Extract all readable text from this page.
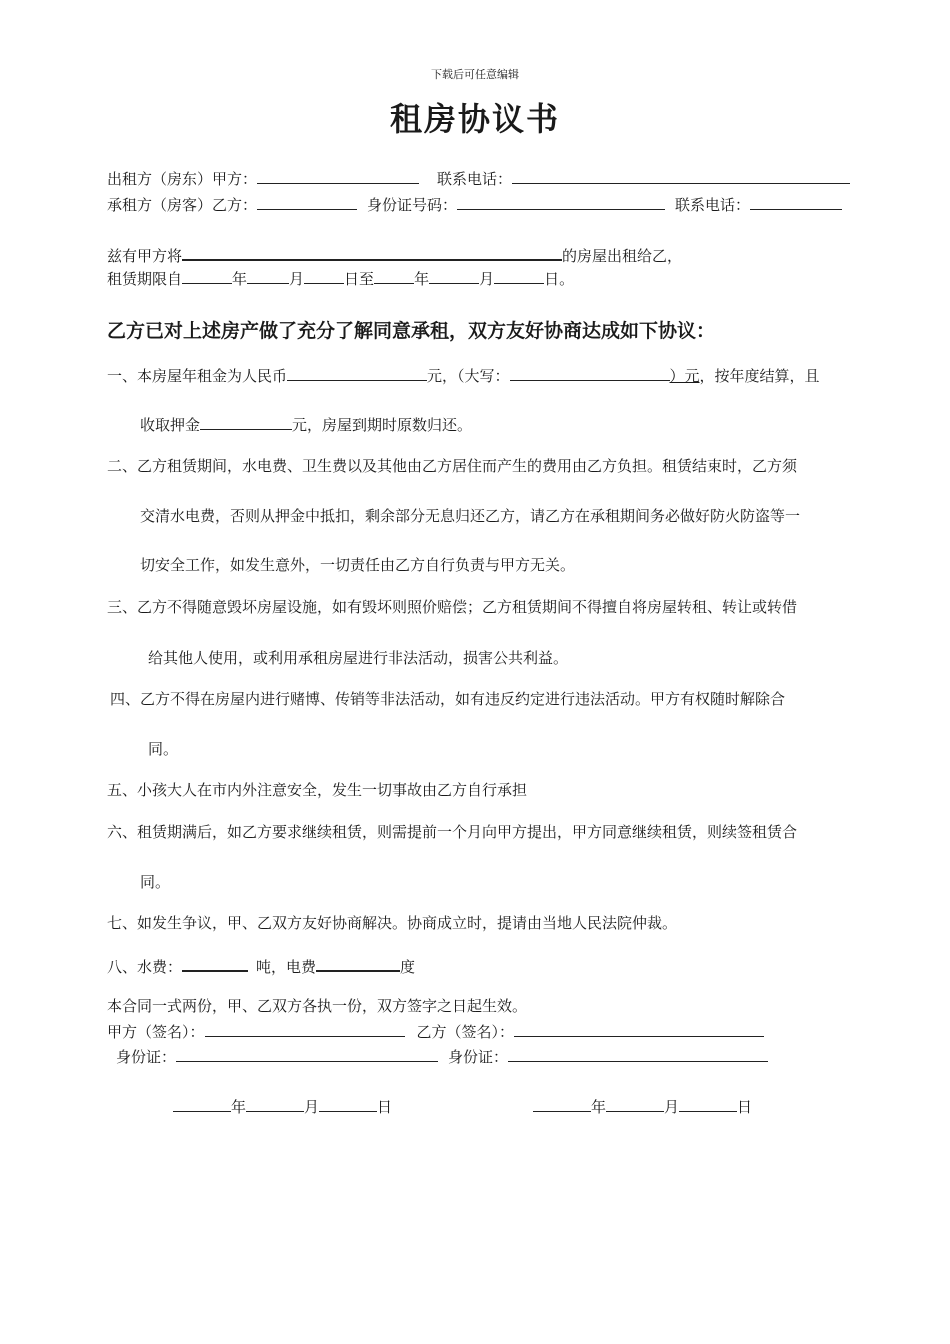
下载后可任意编辑
租房协议书
出租方（房东）甲方：	联系电话：
承租方（房客）乙方：	身份证号码：	联系电话：
兹有甲方将	的房屋出租给乙，
租赁期限自	年	月	日至	年	月	日。
乙方已对上述房产做了充分了解同意承租，双方友好协商达成如下协议：
一、本房屋年租金为人民币	元，（大写：	）元，按年度结算，且
收取押金	元，房屋到期时原数归还。
二、乙方租赁期间，水电费、卫生费以及其他由乙方居住而产生的费用由乙方负担。租赁结束时，乙方须
交清水电费，否则从押金中抵扣，剩余部分无息归还乙方，请乙方在承租期间务必做好防火防盗等一
切安全工作，如发生意外，一切责任由乙方自行负责与甲方无关。
三、乙方不得随意毁坏房屋设施，如有毁坏则照价赔偿；乙方租赁期间不得擅自将房屋转租、转让或转借
给其他人使用，或利用承租房屋进行非法活动，损害公共利益。
四、乙方不得在房屋内进行赌博、传销等非法活动，如有违反约定进行违法活动。甲方有权随时解除合
同。
五、小孩大人在市内外注意安全，发生一切事故由乙方自行承担
六、租赁期满后，如乙方要求继续租赁，则需提前一个月向甲方提出，甲方同意继续租赁，则续签租赁合
同。
七、如发生争议，甲、乙双方友好协商解决。协商成立时，提请由当地人民法院仲裁。
八、水费：	吨，电费	度
本合同一式两份，甲、乙双方各执一份，双方签字之日起生效。
甲方（签名）：	乙方（签名）：
身份证：	身份证：
年	月	日	年	月	日
